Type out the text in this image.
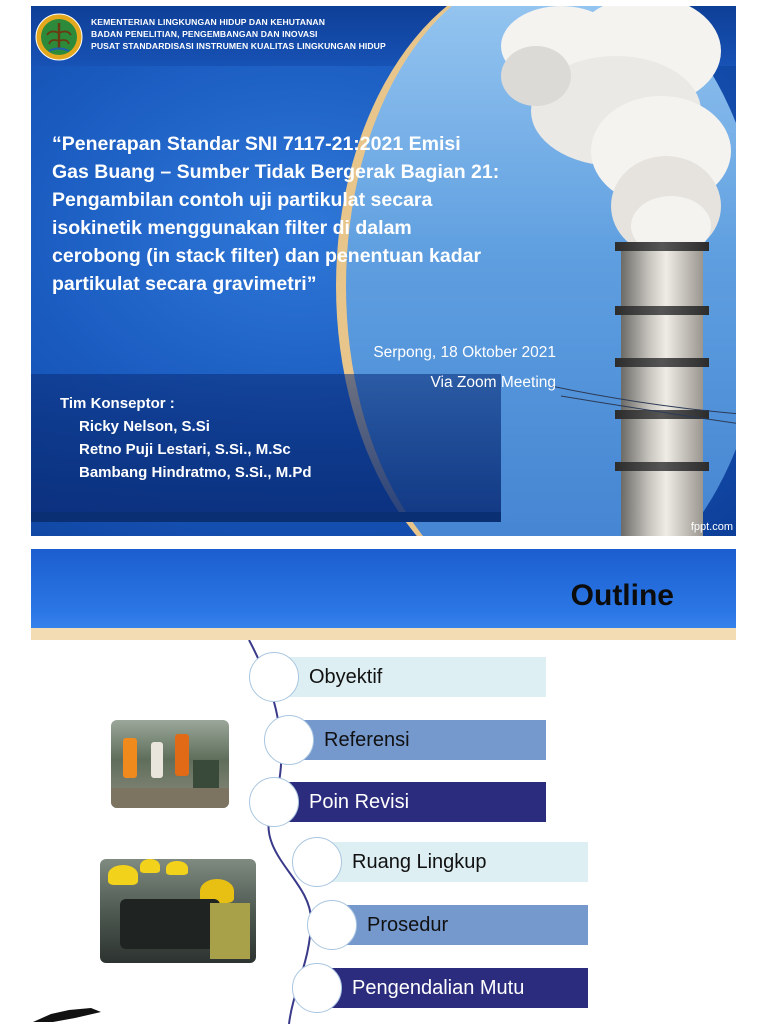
KEMENTERIAN LINGKUNGAN HIDUP DAN KEHUTANAN
BADAN PENELITIAN, PENGEMBANGAN DAN INOVASI
PUSAT STANDARDISASI INSTRUMEN KUALITAS LINGKUNGAN HIDUP
“Penerapan Standar SNI 7117-21:2021 Emisi
Gas Buang – Sumber Tidak Bergerak Bagian 21:
Pengambilan contoh uji partikulat secara
isokinetik menggunakan filter di dalam
cerobong (in stack filter) dan penentuan kadar
partikulat secara gravimetri”
Serpong, 18 Oktober 2021
Via Zoom Meeting
Tim Konseptor :
Ricky Nelson, S.Si
Retno Puji Lestari, S.Si., M.Sc
Bambang Hindratmo, S.Si., M.Pd
fppt.com
Outline
Obyektif
Referensi
Poin Revisi
Ruang Lingkup
Prosedur
Pengendalian Mutu
